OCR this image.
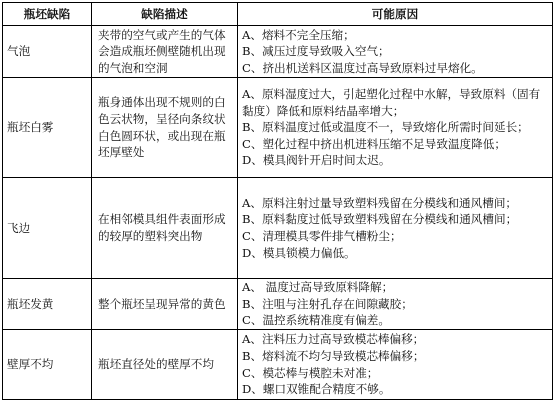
瓶坯缺陷	缺陷描述	可能原因
气泡	夹带的空气或产生的气体会造成瓶坯侧壁随机出现的气泡和空洞	A、熔料不完全压缩；
B、减压过度导致吸入空气；
C、挤出机送料区温度过高导致原料过早熔化。

瓶坯白雾	瓶身通体出现不规则的白色云状物，呈径向条纹状白色圆环状，或出现在瓶坯厚壁处	A、原料湿度过大，引起塑化过程中水解，导致原料（固有黏度）降低和原料结晶率增大；
B、原料温度过低或温度不一，导致熔化所需时间延长；
C、塑化过程中挤出机进料压缩不足导致温度降低；
D、模具阀针开启时间太迟。

飞边	在相邻模具组件表面形成的较厚的塑料突出物	A、原料注射过量导致塑料残留在分模线和通风槽间；
B、原料黏度过低导致塑料残留在分模线和通风槽间；
C、清理模具零件排气槽粉尘；
D、模具锁模力偏低。

瓶坯发黄	整个瓶坯呈现异常的黄色	A、 温度过高导致原料降解；
B、注咀与注射孔存在间隙藏胶；
C、温控系统精准度有偏差。

壁厚不均	瓶坯直径处的壁厚不均	A、注料压力过高导致模芯棒偏移；
B、熔料流不均匀导致模芯棒偏移；
C、模芯棒与模腔未对准；
D、螺口双锥配合精度不够。
